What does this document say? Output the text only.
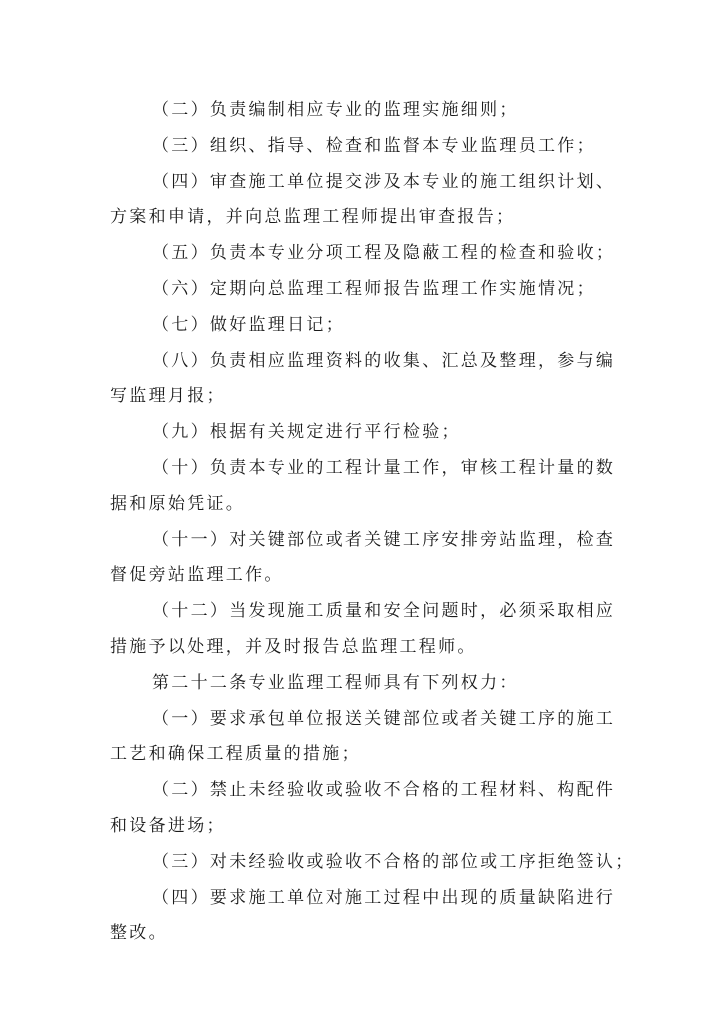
（二）负责编制相应专业的监理实施细则；
（三）组织、指导、检查和监督本专业监理员工作；
（四）审查施工单位提交涉及本专业的施工组织计划、
方案和申请，并向总监理工程师提出审查报告；
（五）负责本专业分项工程及隐蔽工程的检查和验收；
（六）定期向总监理工程师报告监理工作实施情况；
（七）做好监理日记；
（八）负责相应监理资料的收集、汇总及整理，参与编
写监理月报；
（九）根据有关规定进行平行检验；
（十）负责本专业的工程计量工作，审核工程计量的数
据和原始凭证。
（十一）对关键部位或者关键工序安排旁站监理，检查
督促旁站监理工作。
（十二）当发现施工质量和安全问题时，必须采取相应
措施予以处理，并及时报告总监理工程师。
第二十二条专业监理工程师具有下列权力：
（一）要求承包单位报送关键部位或者关键工序的施工
工艺和确保工程质量的措施；
（二）禁止未经验收或验收不合格的工程材料、构配件
和设备进场；
（三）对未经验收或验收不合格的部位或工序拒绝签认；
（四）要求施工单位对施工过程中出现的质量缺陷进行
整改。
